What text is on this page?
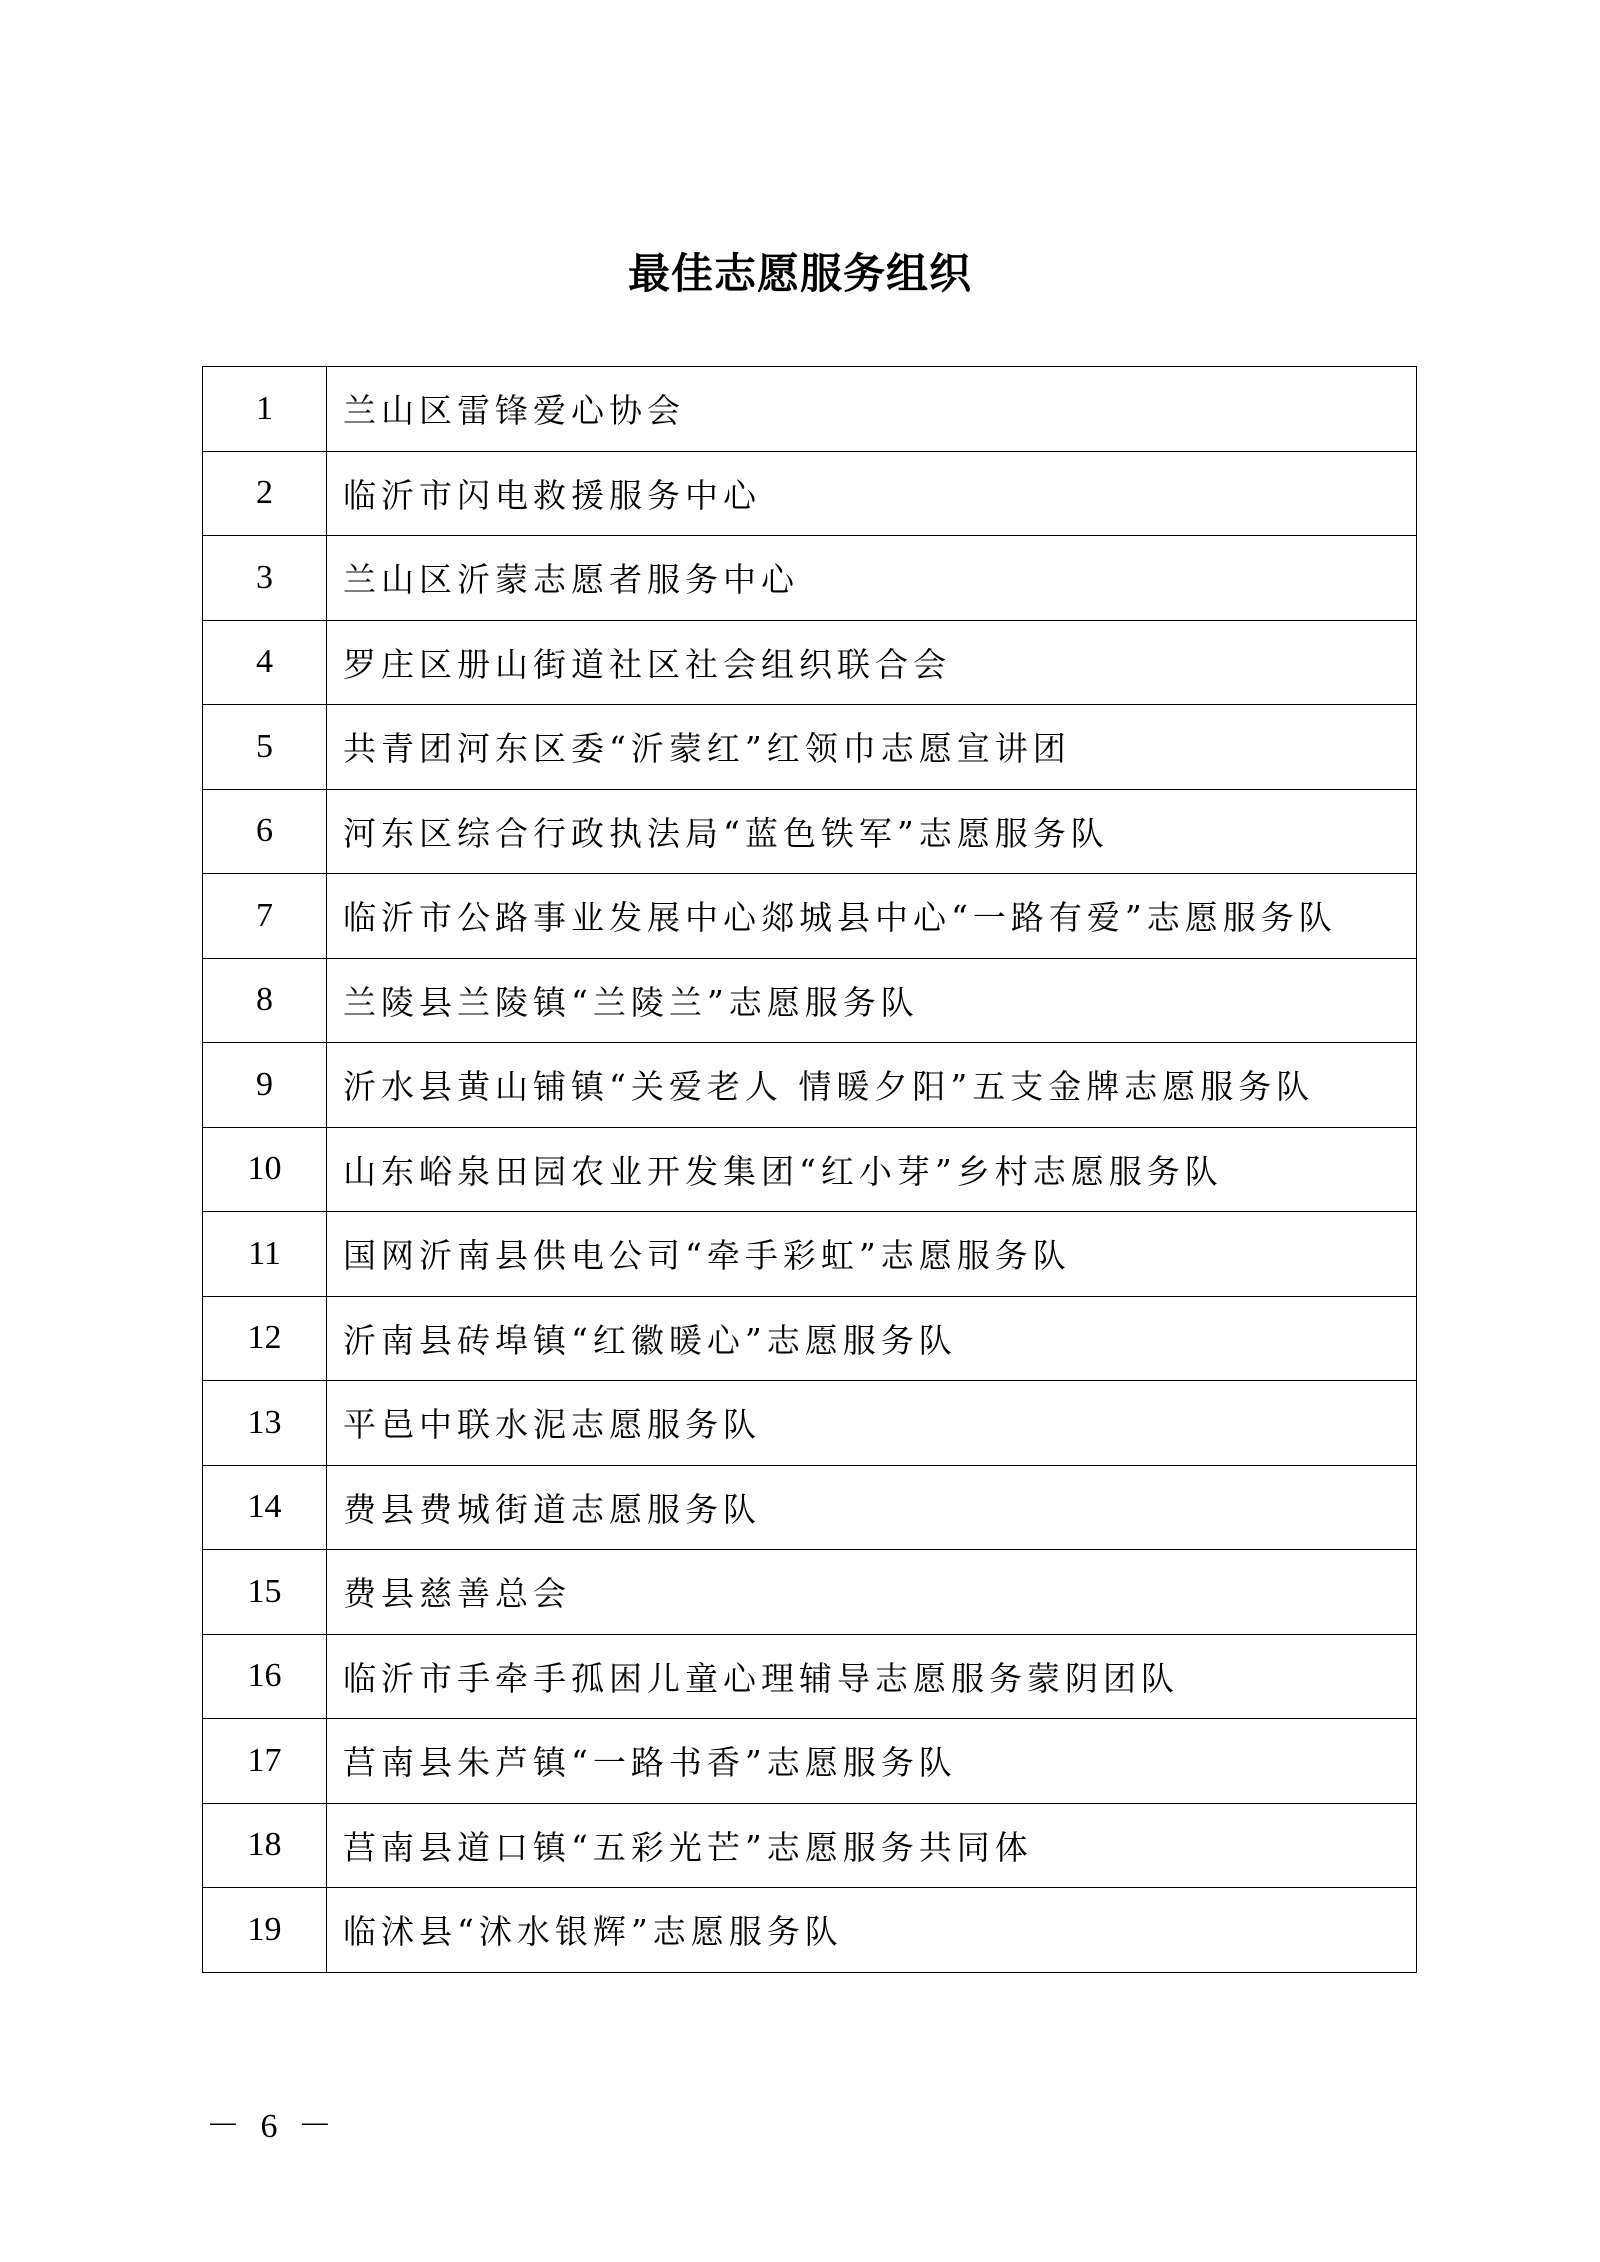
最佳志愿服务组织
1	兰山区雷锋爱心协会
2	临沂市闪电救援服务中心
3	兰山区沂蒙志愿者服务中心
4	罗庄区册山街道社区社会组织联合会
5	共青团河东区委“沂蒙红”红领巾志愿宣讲团
6	河东区综合行政执法局“蓝色铁军”志愿服务队
7	临沂市公路事业发展中心郯城县中心“一路有爱”志愿服务队
8	兰陵县兰陵镇“兰陵兰”志愿服务队
9	沂水县黄山铺镇“关爱老人 情暖夕阳”五支金牌志愿服务队
10	山东峪泉田园农业开发集团“红小芽”乡村志愿服务队
11	国网沂南县供电公司“牵手彩虹”志愿服务队
12	沂南县砖埠镇“红徽暖心”志愿服务队
13	平邑中联水泥志愿服务队
14	费县费城街道志愿服务队
15	费县慈善总会
16	临沂市手牵手孤困儿童心理辅导志愿服务蒙阴团队
17	莒南县朱芦镇“一路书香”志愿服务队
18	莒南县道口镇“五彩光芒”志愿服务共同体
19	临沭县“沭水银辉”志愿服务队
－ 6 －
